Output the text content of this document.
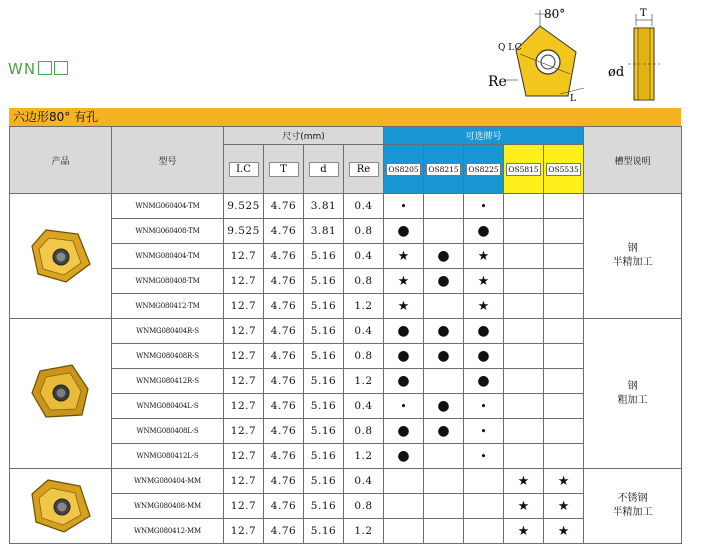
WN
80°
Q I.C
Re
L
T
ød
六边形80° 有孔
产品	型号	尺寸(mm)				可选牌号					槽型说明
		I.C	T	d	Re	OS8205	OS8215	OS8225	OS5815	OS5535	
	WNMG060404-TM	9.525	4.76	3.81	0.4	•		•			钢
半精加工

	WNMG060408-TM	9.525	4.76	3.81	0.8	●		●			
	WNMG080404-TM	12.7	4.76	5.16	0.4	★	●	★			
	WNMG080408-TM	12.7	4.76	5.16	0.8	★	●	★			
	WNMG080412-TM	12.7	4.76	5.16	1.2	★		★			
	WNMG080404R-S	12.7	4.76	5.16	0.4	●	●	●			钢
粗加工

	WNMG080408R-S	12.7	4.76	5.16	0.8	●	●	●			
	WNMG080412R-S	12.7	4.76	5.16	1.2	●		●			
	WNMG080404L-S	12.7	4.76	5.16	0.4	•	●	•			
	WNMG080408L-S	12.7	4.76	5.16	0.8	●	●	•			
	WNMG080412L-S	12.7	4.76	5.16	1.2	●		•			
	WNMG080404-MM	12.7	4.76	5.16	0.4				★	★	不锈钢
半精加工

	WNMG080408-MM	12.7	4.76	5.16	0.8				★	★	
	WNMG080412-MM	12.7	4.76	5.16	1.2				★	★	
